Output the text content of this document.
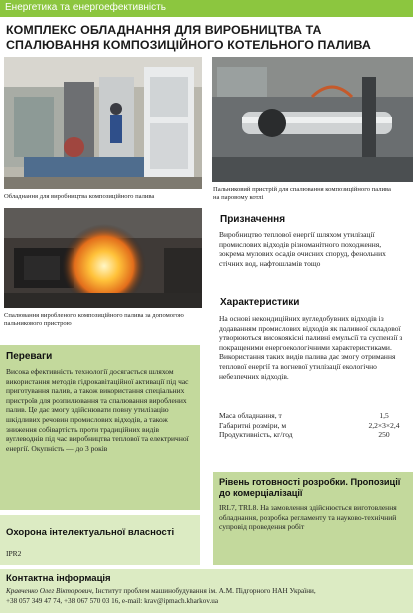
Енергетика та енергоефективність
КОМПЛЕКС ОБЛАДНАННЯ ДЛЯ ВИРОБНИЦТВА ТА СПАЛЮВАННЯ КОМПОЗИЦІЙНОГО КОТЕЛЬНОГО ПАЛИВА
Обладнання для виробництва композиційного палива
Пальниковий пристрій для спалювання композиційного палива на паровому котлі
Спалювання виробленого композиційного палива за допомогою пальникового пристрою
Призначення
Виробництво теплової енергії шляхом утилізації промислових відходів різноманітного походження, зокрема мулових осадів очисних споруд, фенольних стічних вод, нафтошламів тощо
Характеристики
На основі некондиційних вугледобувних відходів із додаванням промислових відходів як паливної складової утворюються високоякісні паливні емульсії та суспензії з покращеними енергоекологічними характеристиками. Використання таких видів палива дає змогу отримання теплової енергії та вогневої утилізації екологічно небезпечних відходів.
Маса обладнання, т	1,5
Габаритні розміри, м	2,2×3×2,4
Продуктивність, кг/год	250
Переваги
Висока ефективність технології досягається шляхом використання методів гідрокавітаційної активації під час приготування палив, а також використання спеціальних пристроїв для розпилювання та спалювання вироблених палив. Це дає змогу здійснювати повну утилізацію шкідливих речовин промислових відходів, а також зниження собівартість проти традиційних видів вуглеводнів під час виробництва теплової та електричної енергії. Окупність — до 3 років
Охорона інтелектуальної власності
IPR2
Рівень готовності розробки. Пропозиції до комерціалізації
IRL7, TRL8. На замовлення здійснюється виготовлення обладнання, розробка регламенту та науково-технічний супровід проведення робіт
Контактна інформація
Кравченко Олег Вікторович, Інститут проблем машинобудування ім. А.М. Підгорного НАН України,
+38 057 349 47 74, +38 067 570 03 16, e-mail: krav@ipmach.kharkov.ua
